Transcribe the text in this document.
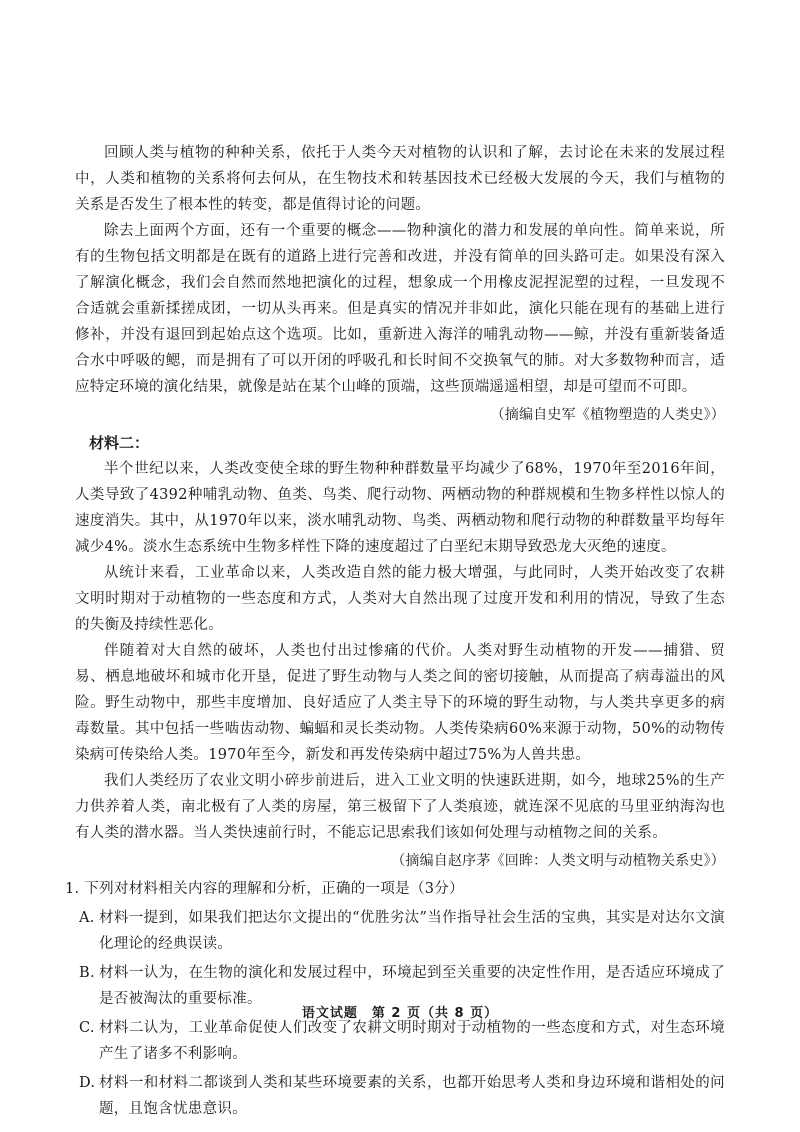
回顾人类与植物的种种关系，依托于人类今天对植物的认识和了解，去讨论在未来的发展过程中，人类和植物的关系将何去何从，在生物技术和转基因技术已经极大发展的今天，我们与植物的关系是否发生了根本性的转变，都是值得讨论的问题。

除去上面两个方面，还有一个重要的概念——物种演化的潜力和发展的单向性。简单来说，所有的生物包括文明都是在既有的道路上进行完善和改进，并没有简单的回头路可走。如果没有深入了解演化概念，我们会自然而然地把演化的过程，想象成一个用橡皮泥捏泥塑的过程，一旦发现不合适就会重新揉搓成团，一切从头再来。但是真实的情况并非如此，演化只能在现有的基础上进行修补，并没有退回到起始点这个选项。比如，重新进入海洋的哺乳动物——鲸，并没有重新装备适合水中呼吸的鳃，而是拥有了可以开闭的呼吸孔和长时间不交换氧气的肺。对大多数物种而言，适应特定环境的演化结果，就像是站在某个山峰的顶端，这些顶端遥遥相望，却是可望而不可即。

（摘编自史军《植物塑造的人类史》）
材料二：

半个世纪以来，人类改变使全球的野生物种种群数量平均减少了68%，1970年至2016年间，人类导致了4392种哺乳动物、鱼类、鸟类、爬行动物、两栖动物的种群规模和生物多样性以惊人的速度消失。其中，从1970年以来，淡水哺乳动物、鸟类、两栖动物和爬行动物的种群数量平均每年减少4%。淡水生态系统中生物多样性下降的速度超过了白垩纪末期导致恐龙大灭绝的速度。

从统计来看，工业革命以来，人类改造自然的能力极大增强，与此同时，人类开始改变了农耕文明时期对于动植物的一些态度和方式，人类对大自然出现了过度开发和利用的情况，导致了生态的失衡及持续性恶化。

伴随着对大自然的破坏，人类也付出过惨痛的代价。人类对野生动植物的开发——捕猎、贸易、栖息地破坏和城市化开垦，促进了野生动物与人类之间的密切接触，从而提高了病毒溢出的风险。野生动物中，那些丰度增加、良好适应了人类主导下的环境的野生动物，与人类共享更多的病毒数量。其中包括一些啮齿动物、蝙蝠和灵长类动物。人类传染病60%来源于动物，50%的动物传染病可传染给人类。1970年至今，新发和再发传染病中超过75%为人兽共患。

我们人类经历了农业文明小碎步前进后，进入工业文明的快速跃进期，如今，地球25%的生产力供养着人类，南北极有了人类的房屋，第三极留下了人类痕迹，就连深不见底的马里亚纳海沟也有人类的潜水器。当人类快速前行时，不能忘记思索我们该如何处理与动植物之间的关系。

（摘编自赵序茅《回眸：人类文明与动植物关系史》）
1. 下列对材料相关内容的理解和分析，正确的一项是（3分）
A. 材料一提到，如果我们把达尔文提出的“优胜劣汰”当作指导社会生活的宝典，其实是对达尔文演化理论的经典误读。
B. 材料一认为，在生物的演化和发展过程中，环境起到至关重要的决定性作用，是否适应环境成了是否被淘汰的重要标准。
C. 材料二认为，工业革命促使人们改变了农耕文明时期对于动植物的一些态度和方式，对生态环境产生了诸多不利影响。
D. 材料一和材料二都谈到人类和某些环境要素的关系，也都开始思考人类和身边环境和谐相处的问题，且饱含忧患意识。
语文试题　第 2 页（共 8 页）
